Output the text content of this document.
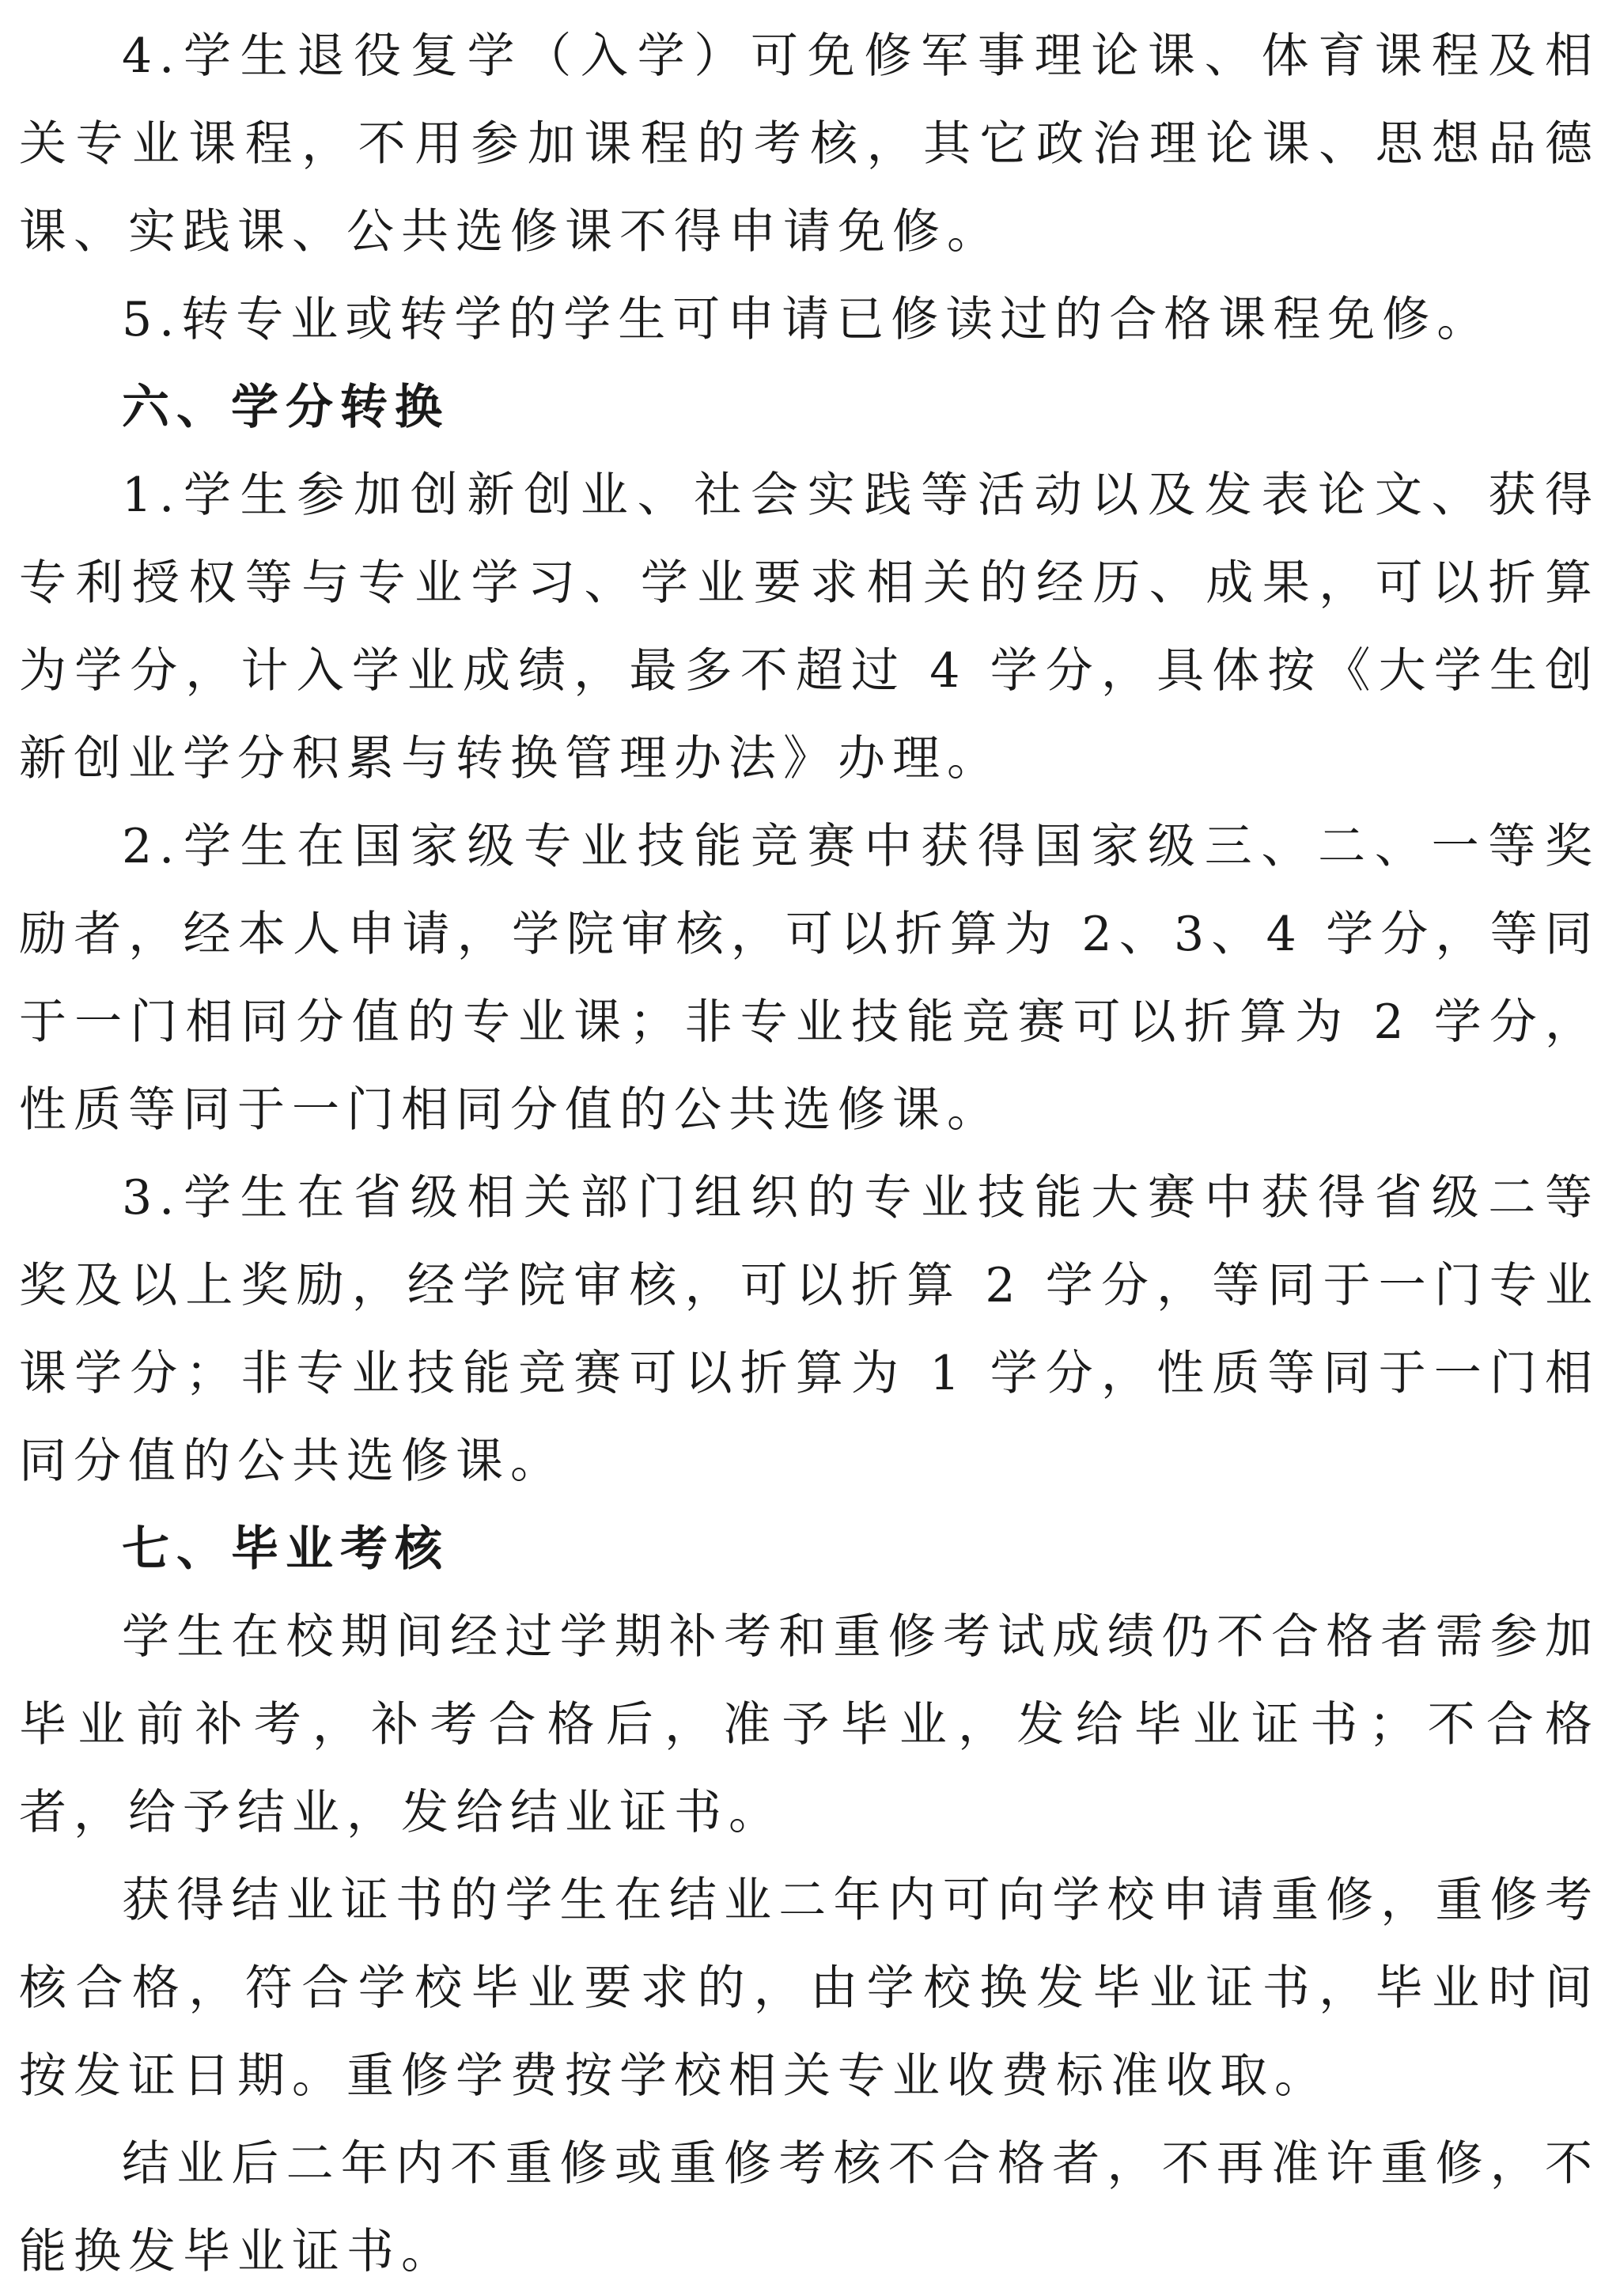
4.学生退役复学（入学）可免修军事理论课、体育课程及相关专业课程，不用参加课程的考核，其它政治理论课、思想品德课、实践课、公共选修课不得申请免修。

5.转专业或转学的学生可申请已修读过的合格课程免修。

六、学分转换

1.学生参加创新创业、社会实践等活动以及发表论文、获得专利授权等与专业学习、学业要求相关的经历、成果，可以折算为学分，计入学业成绩，最多不超过 4 学分，具体按《大学生创新创业学分积累与转换管理办法》办理。

2.学生在国家级专业技能竞赛中获得国家级三、二、一等奖励者，经本人申请，学院审核，可以折算为 2、3、4 学分，等同于一门相同分值的专业课；非专业技能竞赛可以折算为 2 学分，性质等同于一门相同分值的公共选修课。

3.学生在省级相关部门组织的专业技能大赛中获得省级二等奖及以上奖励，经学院审核，可以折算 2 学分，等同于一门专业课学分；非专业技能竞赛可以折算为 1 学分，性质等同于一门相同分值的公共选修课。

七、毕业考核

学生在校期间经过学期补考和重修考试成绩仍不合格者需参加毕业前补考，补考合格后，准予毕业，发给毕业证书；不合格者，给予结业，发给结业证书。

获得结业证书的学生在结业二年内可向学校申请重修，重修考核合格，符合学校毕业要求的，由学校换发毕业证书，毕业时间按发证日期。重修学费按学校相关专业收费标准收取。

结业后二年内不重修或重修考核不合格者，不再准许重修，不能换发毕业证书。
